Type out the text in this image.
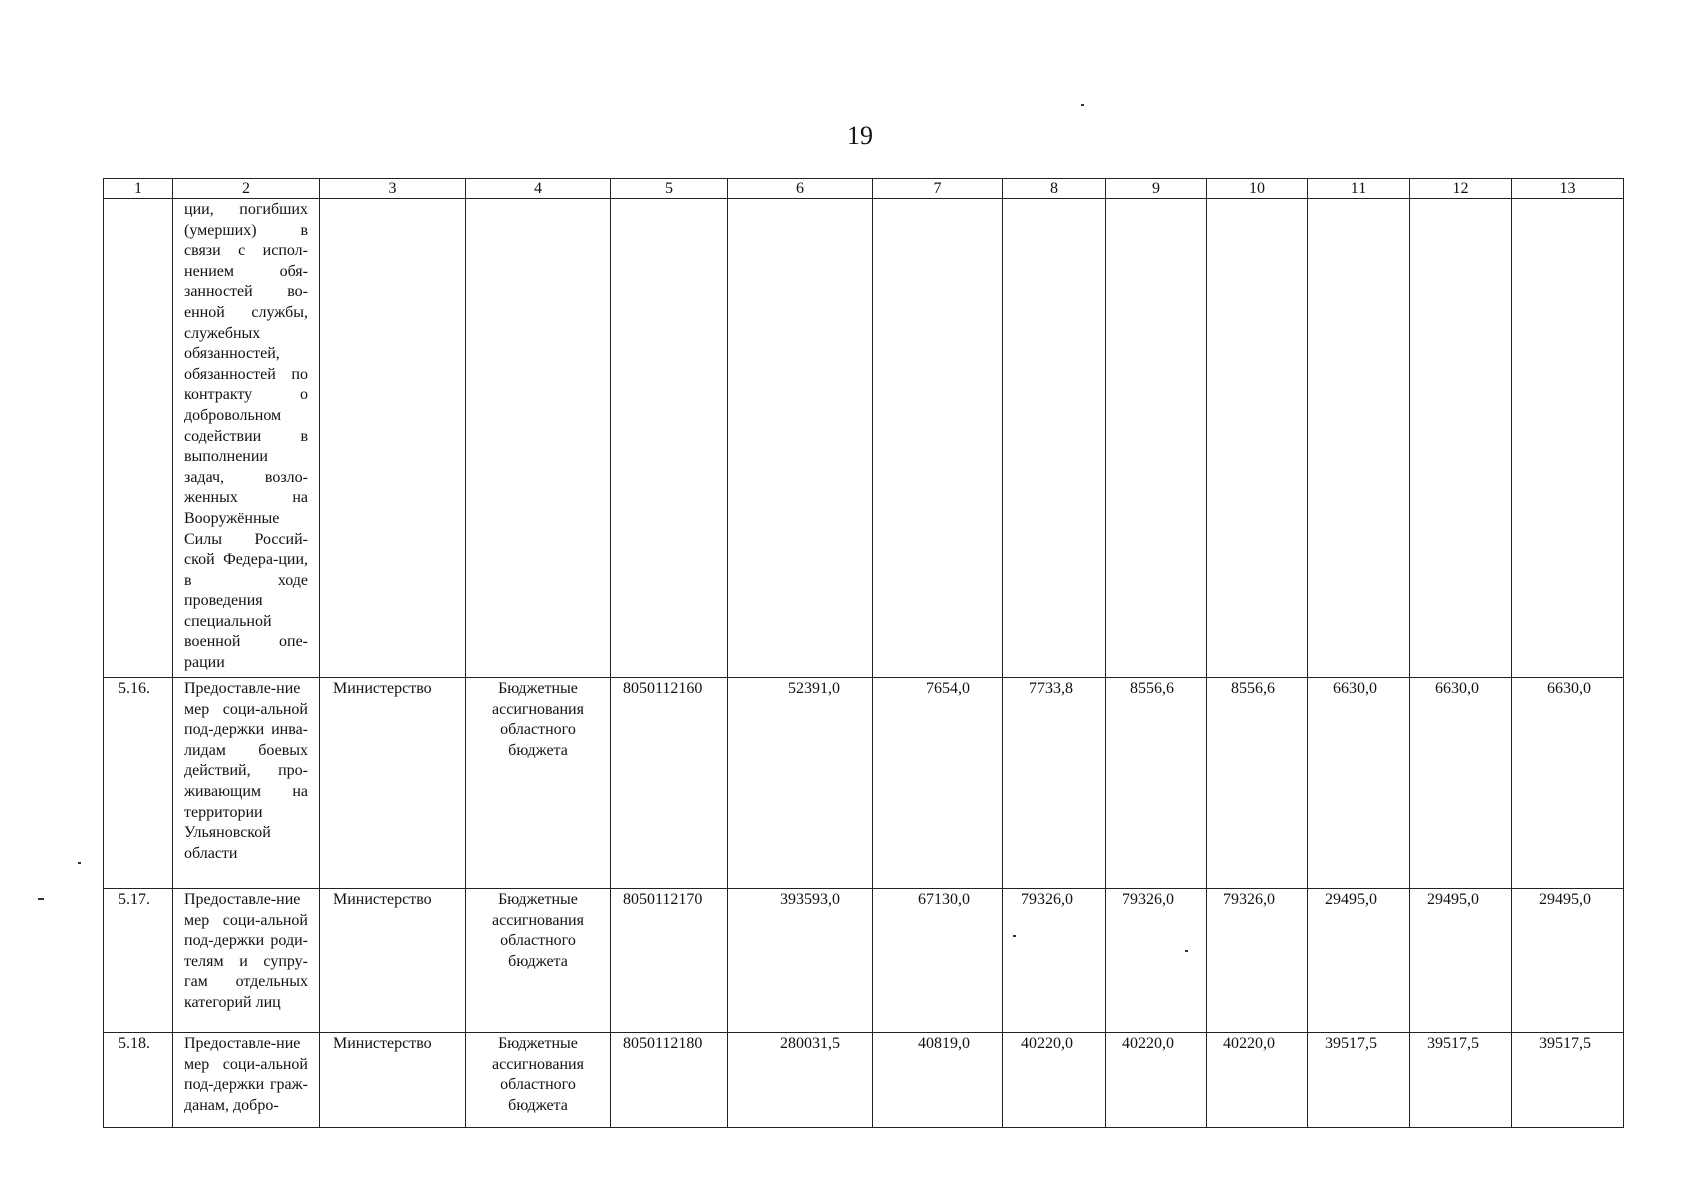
19
1	2	3	4	5	6	7	8	9	10	11	12	13
	ции, погибших (умерших) в связи с испол-нением обя-занностей во-енной службы, служебных обязанностей, обязанностей по контракту о добровольном содействии в выполнении задач, возло-женных на Вооружённые Силы Россий-ской Федера-ции, в ходе проведения специальной военной опе-рации											
5.16.	Предоставле-ние мер соци-альной под-держки инва-лидам боевых действий, про-живающим на территории Ульяновской области	Министерство	Бюджетные ассигнования областного бюджета	8050112160	52391,0	7654,0	7733,8	8556,6	8556,6	6630,0	6630,0	6630,0
5.17.	Предоставле-ние мер соци-альной под-держки роди-телям и супру-гам отдельных категорий лиц	Министерство	Бюджетные ассигнования областного бюджета	8050112170	393593,0	67130,0	79326,0	79326,0	79326,0	29495,0	29495,0	29495,0
5.18.	Предоставле-ние мер соци-альной под-держки граж-данам, добро-	Министерство	Бюджетные ассигнования областного бюджета	8050112180	280031,5	40819,0	40220,0	40220,0	40220,0	39517,5	39517,5	39517,5
